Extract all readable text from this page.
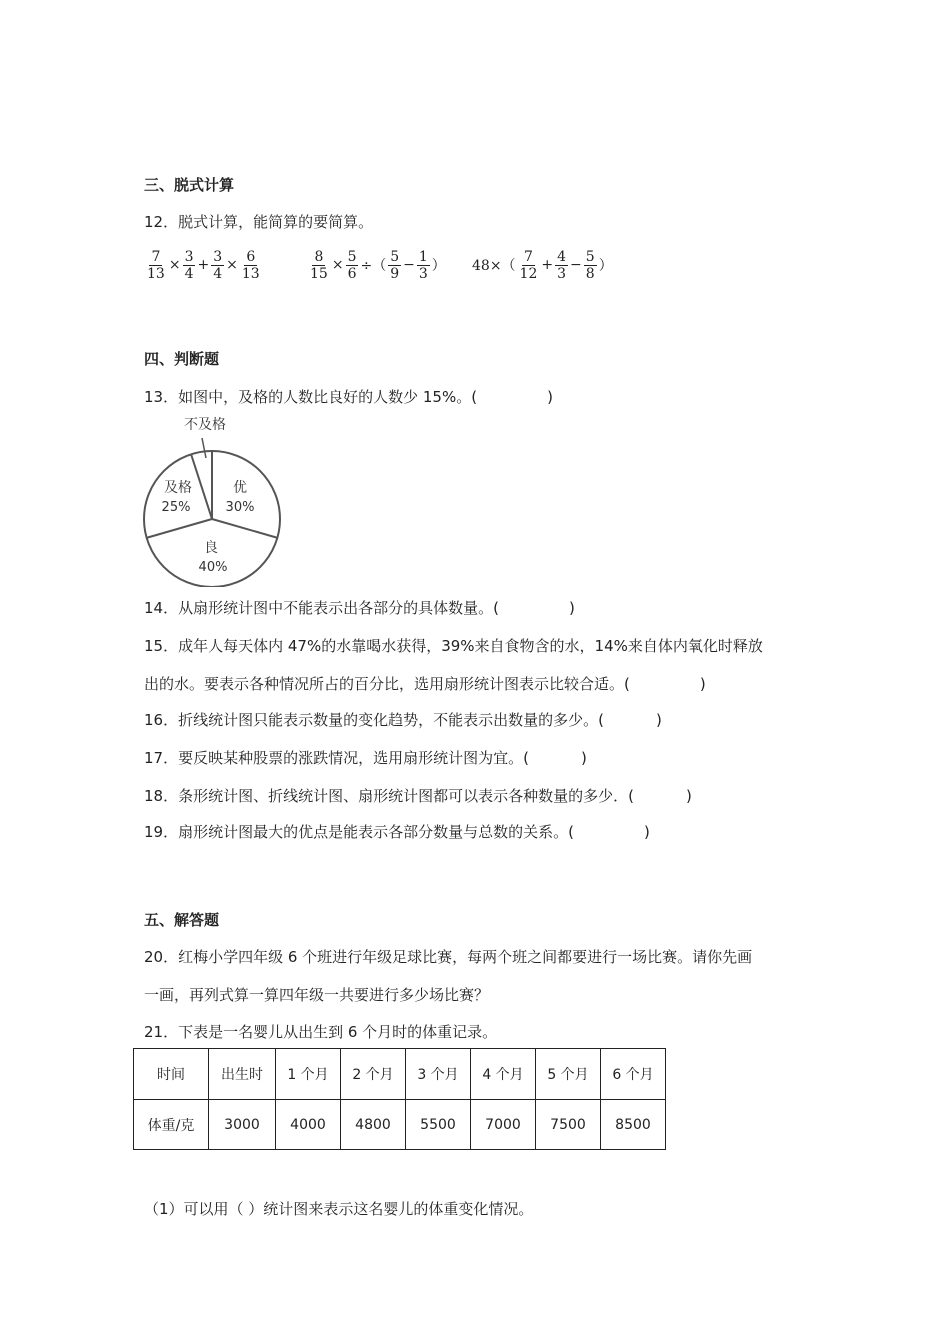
三、脱式计算
12．脱式计算，能简算的要简算。
$\frac{7}{13} \times \frac{3}{4} + \frac{3}{4} \times \frac{6}{13}$	$\frac{8}{15} \times \frac{5}{6}$ ÷（ $\frac{5}{9} - \frac{1}{3}$ ） $48\times( \frac{7}{12} + \frac{4}{3} - \frac{5}{8}$ ）
四、判断题
13．如图中，及格的人数比良好的人数少 15%。(	)
不及格
优
30%
及格
25%
良
40%
14．从扇形统计图中不能表示出各部分的具体数量。(	)
15．成年人每天体内 47%的水靠喝水获得，39%来自食物含的水，14%来自体内氧化时释放
出的水。要表示各种情况所占的百分比，选用扇形统计图表示比较合适。(	)
16．折线统计图只能表示数量的变化趋势，不能表示出数量的多少。(	)
17．要反映某种股票的涨跌情况，选用扇形统计图为宜。(	)
18．条形统计图、折线统计图、扇形统计图都可以表示各种数量的多少．(	)
19．扇形统计图最大的优点是能表示各部分数量与总数的关系。(	)
五、解答题
20．红梅小学四年级 6 个班进行年级足球比赛，每两个班之间都要进行一场比赛。请你先画
一画，再列式算一算四年级一共要进行多少场比赛？
21．下表是一名婴儿从出生到 6 个月时的体重记录。
时间	出生时	1 个月	2 个月	3 个月	4 个月	5 个月	6 个月
体重/克	3000	4000	4800	5500	7000	7500	8500
（1）可以用（ ）统计图来表示这名婴儿的体重变化情况。
